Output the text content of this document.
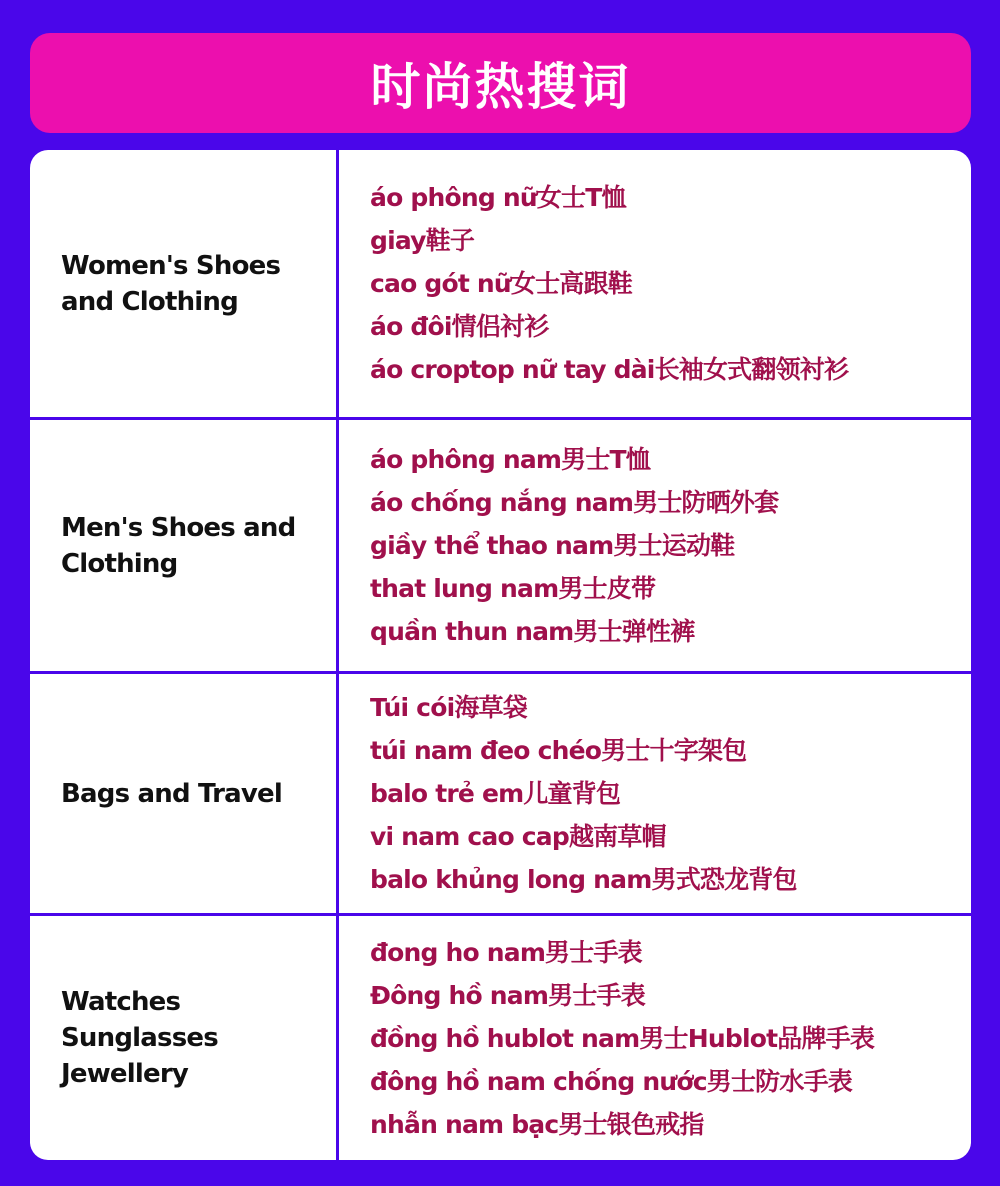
时尚热搜词
Women's Shoes and Clothing
áo phông nữ女士T恤
giay鞋子
cao gót nữ女士高跟鞋
áo đôi情侣衬衫
áo croptop nữ tay dài长袖女式翻领衬衫
Men's Shoes and Clothing
áo phông nam男士T恤
áo chống nắng nam男士防晒外套
giầy thể thao nam男士运动鞋
that lung nam男士皮带
quần thun nam男士弹性裤
Bags and Travel
Túi cói海草袋
túi nam đeo chéo男士十字架包
balo trẻ em儿童背包
vi nam cao cap越南草帽
balo khủng long nam男式恐龙背包
Watches Sunglasses Jewellery
đong ho nam男士手表
Đông hồ nam男士手表
đồng hồ hublot nam男士Hublot品牌手表
đông hồ nam chống nước男士防水手表
nhẫn nam bạc男士银色戒指
